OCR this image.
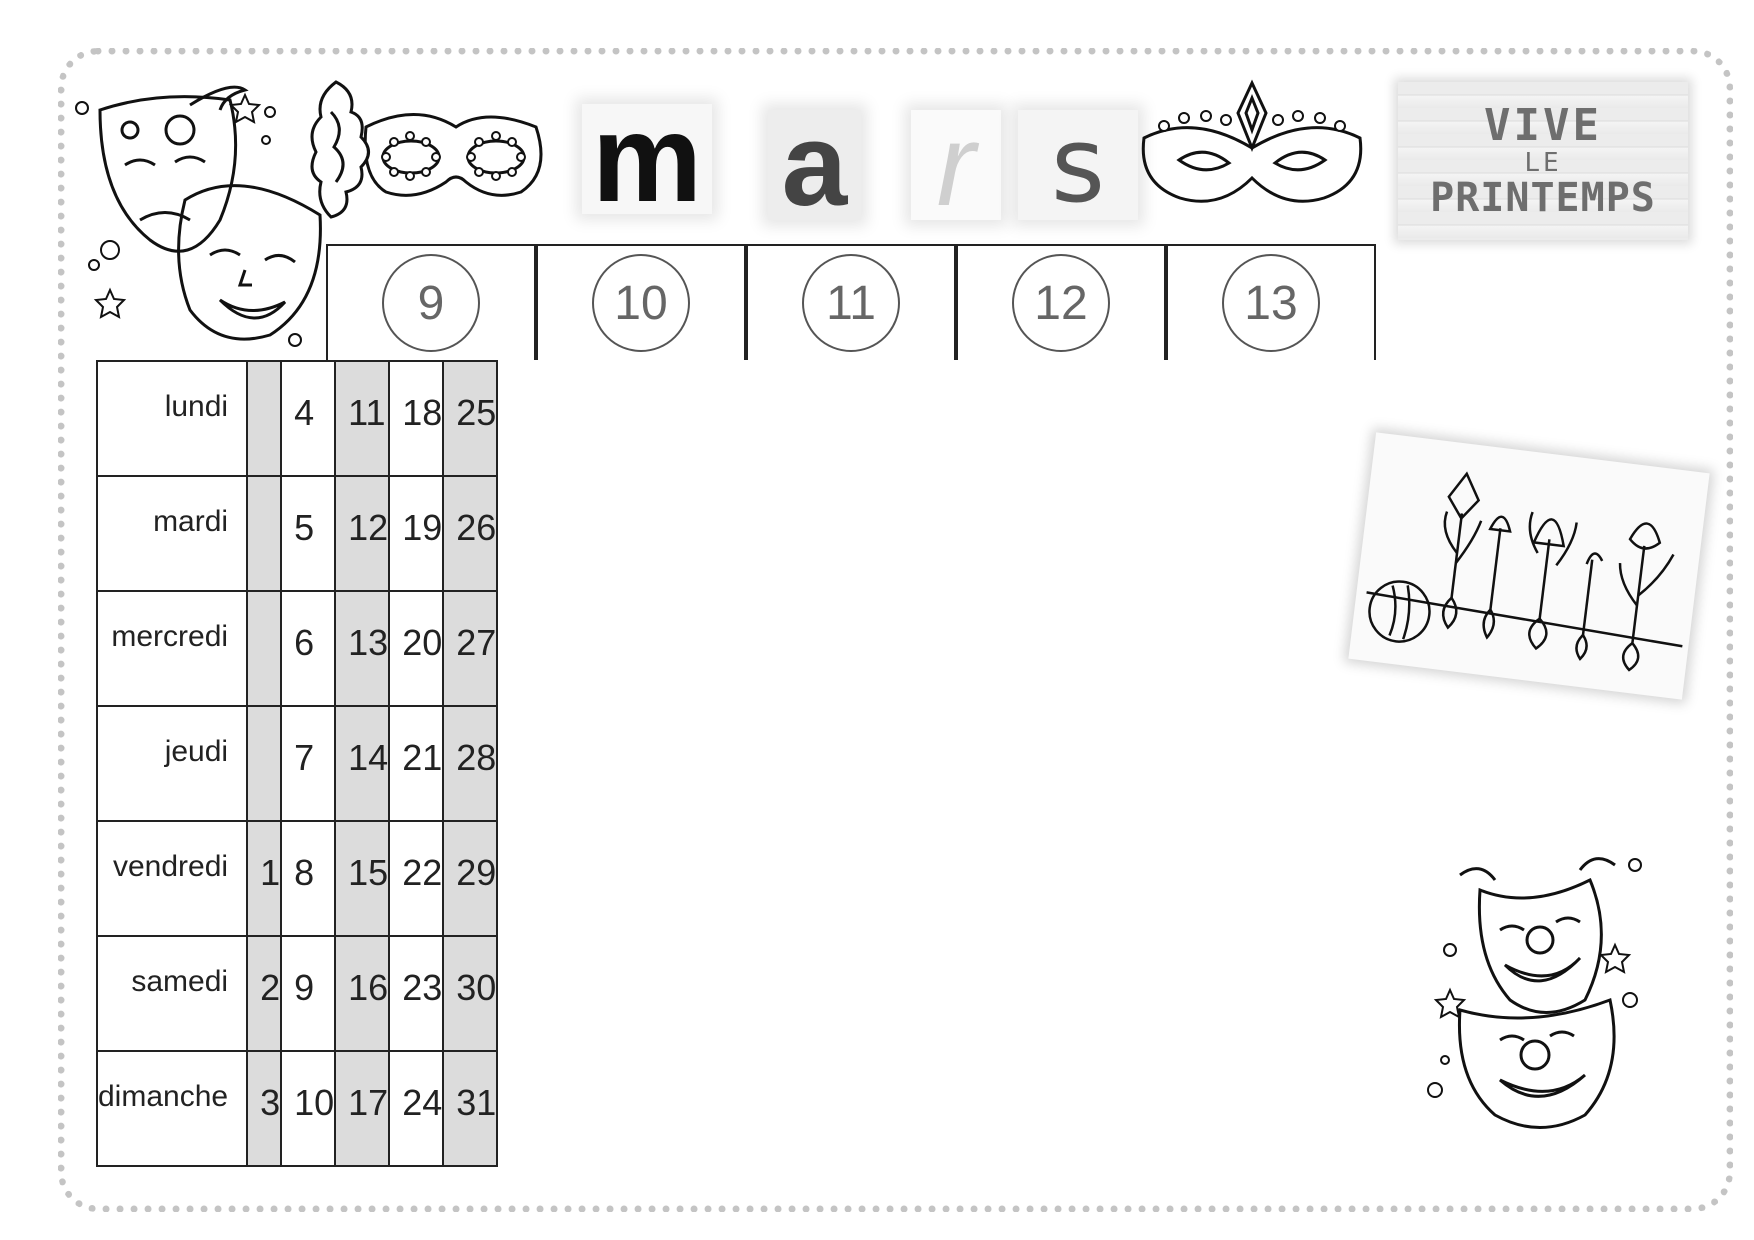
m a r s	VIVE
LE
PRINTEMPS
9	10	11	12	13
lundi		4	11	18	25
mardi		5	12	19	26
mercredi		6	13	20	27
jeudi		7	14	21	28
vendredi	1	8	15	22	29
samedi	2	9	16	23	30
dimanche	3	10	17	24	31
